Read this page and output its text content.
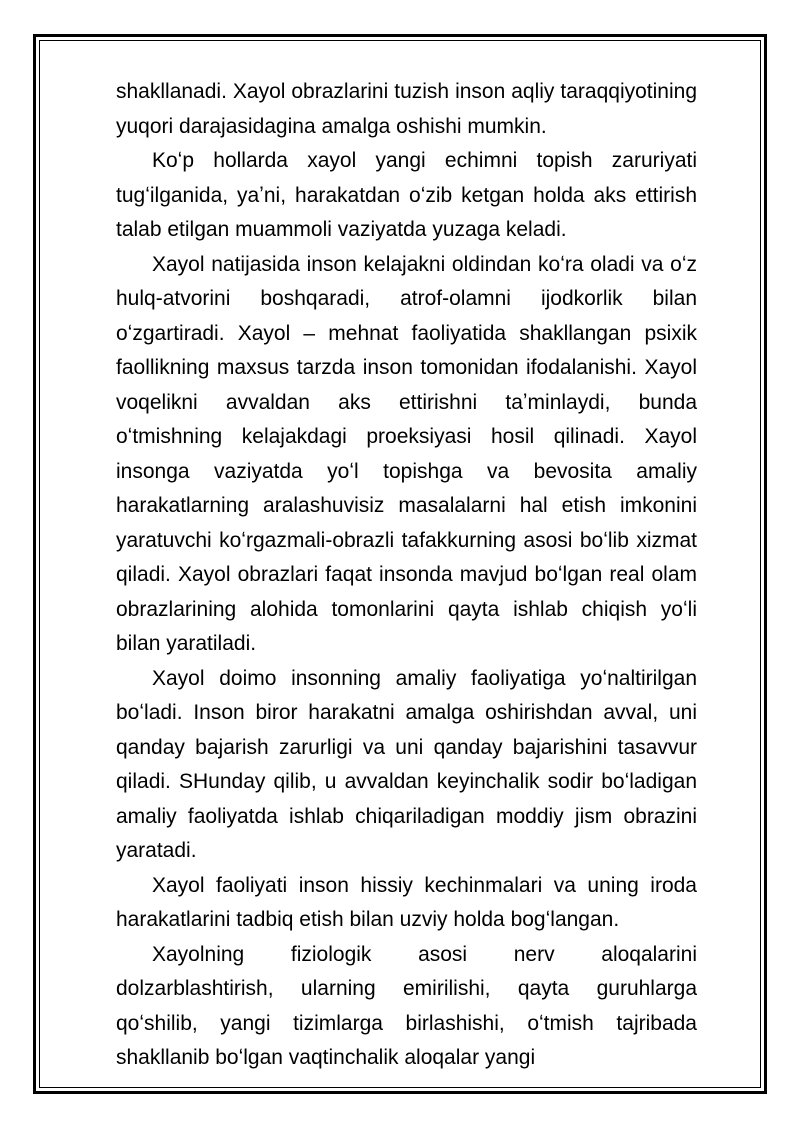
shakllanadi. Xayol obrazlarini tuzish inson aqliy taraqqiyotining yuqori darajasidagina amalga oshishi mumkin.

Koʻp hollarda xayol yangi echimni topish zaruriyati tugʻilganida, yaʼni, harakatdan oʻzib ketgan holda aks ettirish talab etilgan muammoli vaziyatda yuzaga keladi.

Xayol natijasida inson kelajakni oldindan koʻra oladi va oʻz hulq-atvorini boshqaradi, atrof-olamni ijodkorlik bilan oʻzgartiradi. Xayol – mehnat faoliyatida shakllangan psixik faollikning maxsus tarzda inson tomonidan ifodalanishi. Xayol voqelikni avvaldan aks ettirishni taʼminlaydi, bunda oʻtmishning kelajakdagi proeksiyasi hosil qilinadi. Xayol insonga vaziyatda yoʻl topishga va bevosita amaliy harakatlarning aralashuvisiz masalalarni hal etish imkonini yaratuvchi koʻrgazmali-obrazli tafakkurning asosi boʻlib xizmat qiladi. Xayol obrazlari faqat insonda mavjud boʻlgan real olam obrazlarining alohida tomonlarini qayta ishlab chiqish yoʻli bilan yaratiladi.

Xayol doimo insonning amaliy faoliyatiga yoʻnaltirilgan boʻladi. Inson biror harakatni amalga oshirishdan avval, uni qanday bajarish zarurligi va uni qanday bajarishini tasavvur qiladi. SHunday qilib, u avvaldan keyinchalik sodir boʻladigan amaliy faoliyatda ishlab chiqariladigan moddiy jism obrazini yaratadi.

Xayol faoliyati inson hissiy kechinmalari va uning iroda harakatlarini tadbiq etish bilan uzviy holda bogʻlangan.

Xayolning fiziologik asosi nerv aloqalarini dolzarblashtirish, ularning emirilishi, qayta guruhlarga qoʻshilib, yangi tizimlarga birlashishi, oʻtmish tajribada shakllanib boʻlgan vaqtinchalik aloqalar yangi
